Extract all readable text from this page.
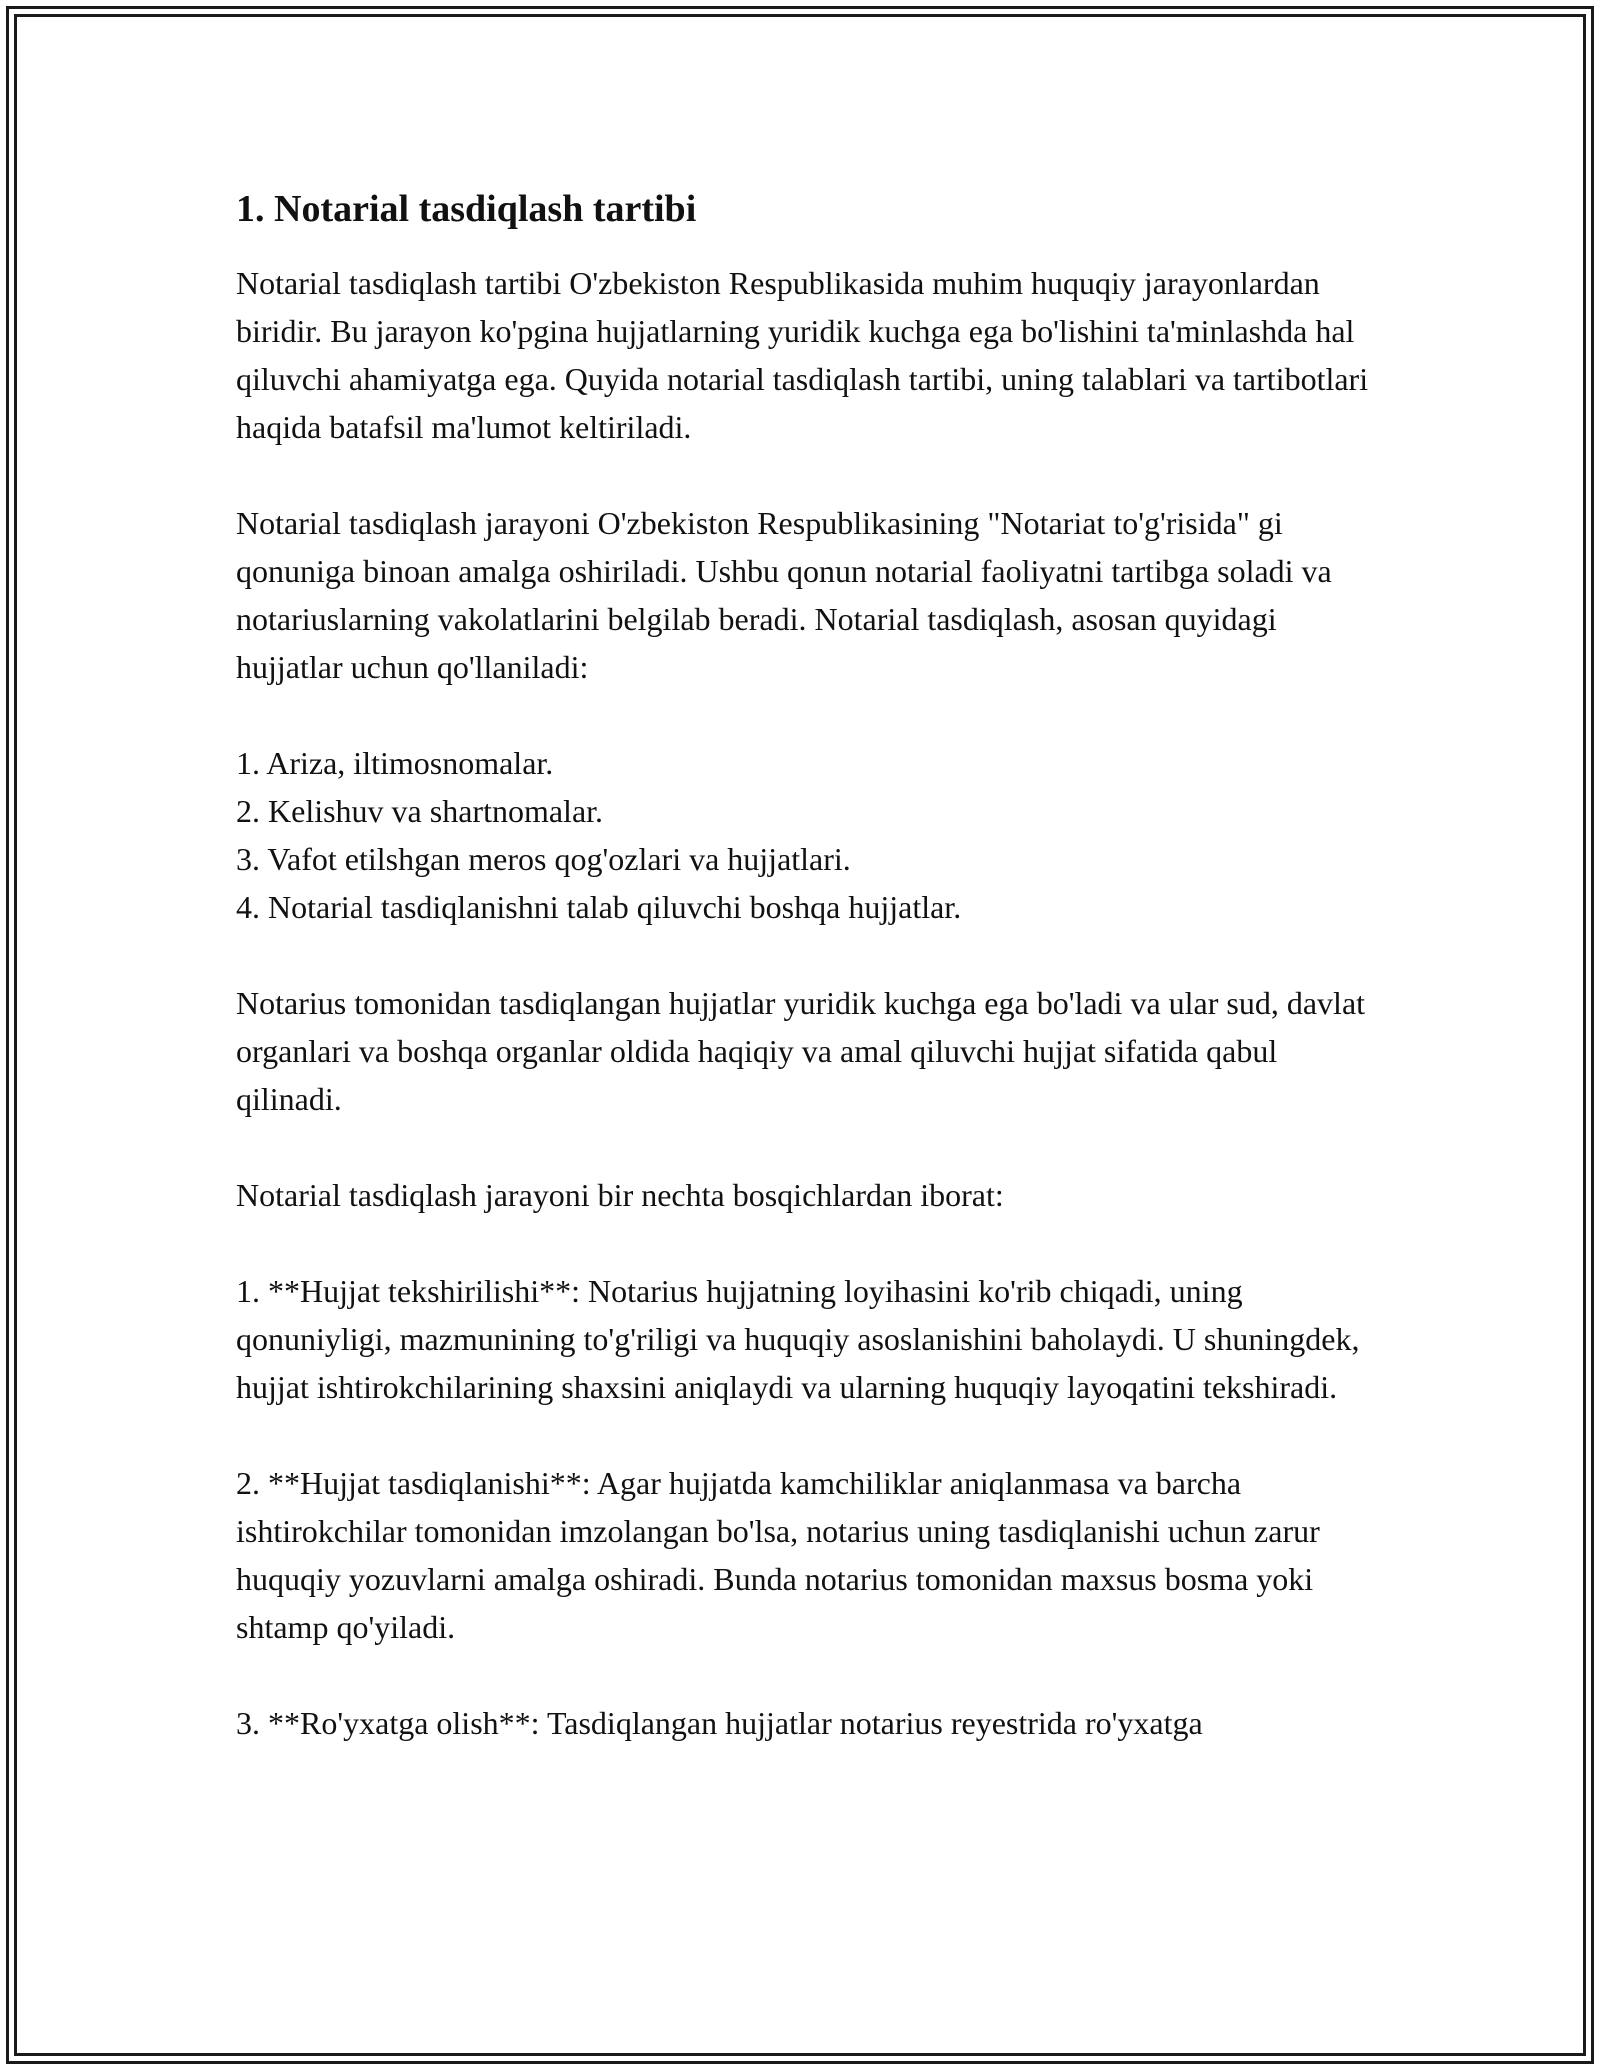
1. Notarial tasdiqlash tartibi

Notarial tasdiqlash tartibi O'zbekiston Respublikasida muhim huquqiy jarayonlardan biridir. Bu jarayon ko'pgina hujjatlarning yuridik kuchga ega bo'lishini ta'minlashda hal qiluvchi ahamiyatga ega. Quyida notarial tasdiqlash tartibi, uning talablari va tartibotlari haqida batafsil ma'lumot keltiriladi.

Notarial tasdiqlash jarayoni O'zbekiston Respublikasining "Notariat to'g'risida" gi qonuniga binoan amalga oshiriladi. Ushbu qonun notarial faoliyatni tartibga soladi va notariuslarning vakolatlarini belgilab beradi. Notarial tasdiqlash, asosan quyidagi hujjatlar uchun qo'llaniladi:

1. Ariza, iltimosnomalar.
2. Kelishuv va shartnomalar.
3. Vafot etilshgan meros qog'ozlari va hujjatlari.
4. Notarial tasdiqlanishni talab qiluvchi boshqa hujjatlar.

Notarius tomonidan tasdiqlangan hujjatlar yuridik kuchga ega bo'ladi va ular sud, davlat organlari va boshqa organlar oldida haqiqiy va amal qiluvchi hujjat sifatida qabul qilinadi.

Notarial tasdiqlash jarayoni bir nechta bosqichlardan iborat:

1. **Hujjat tekshirilishi**: Notarius hujjatning loyihasini ko'rib chiqadi, uning qonuniyligi, mazmunining to'g'riligi va huquqiy asoslanishini baholaydi. U shuningdek, hujjat ishtirokchilarining shaxsini aniqlaydi va ularning huquqiy layoqatini tekshiradi.

2. **Hujjat tasdiqlanishi**: Agar hujjatda kamchiliklar aniqlanmasa va barcha ishtirokchilar tomonidan imzolangan bo'lsa, notarius uning tasdiqlanishi uchun zarur huquqiy yozuvlarni amalga oshiradi. Bunda notarius tomonidan maxsus bosma yoki shtamp qo'yiladi.

3. **Ro'yxatga olish**: Tasdiqlangan hujjatlar notarius reyestrida ro'yxatga
